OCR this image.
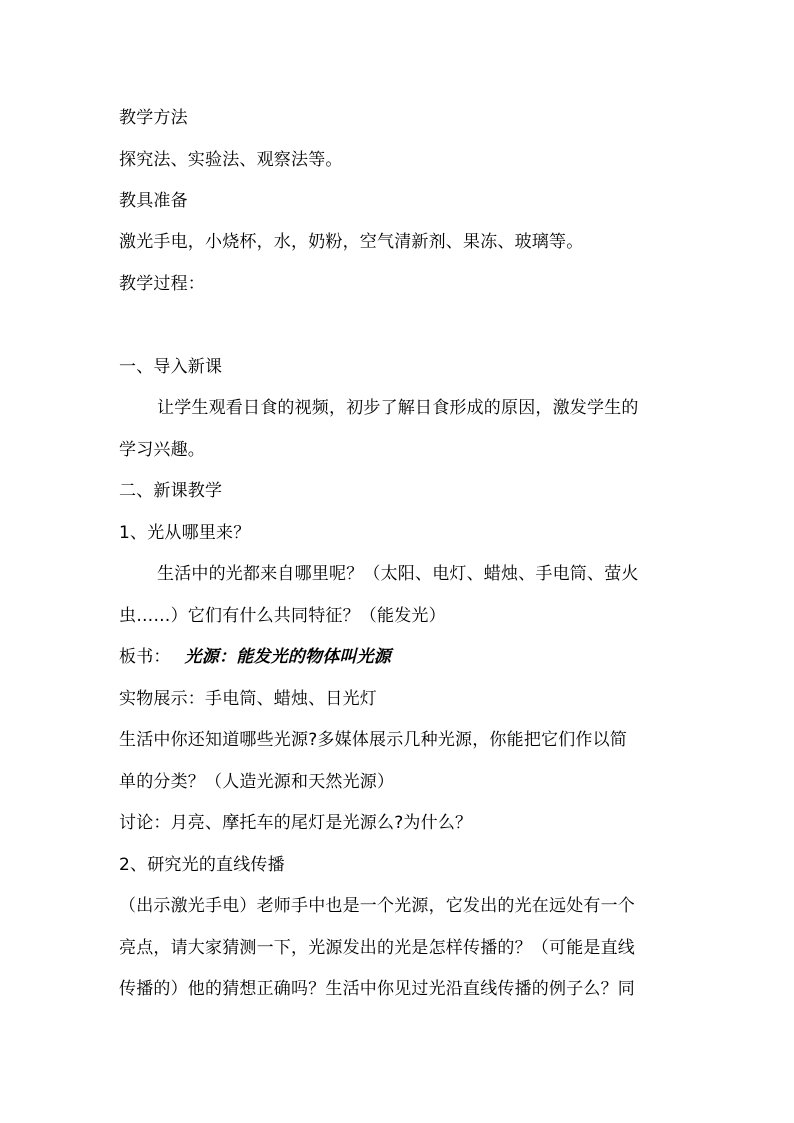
教学方法
探究法、实验法、观察法等。
教具准备
激光手电，小烧杯，水，奶粉，空气清新剂、果冻、玻璃等。
教学过程：
一、导入新课
让学生观看日食的视频，初步了解日食形成的原因，激发学生的
学习兴趣。
二、新课教学
1、光从哪里来？
生活中的光都来自哪里呢？（太阳、电灯、蜡烛、手电筒、萤火
虫……）它们有什么共同特征？（能发光）
板书： 光源：能发光的物体叫光源
实物展示：手电筒、蜡烛、日光灯
生活中你还知道哪些光源?多媒体展示几种光源，你能把它们作以简
单的分类？（人造光源和天然光源）
讨论：月亮、摩托车的尾灯是光源么?为什么？
2、研究光的直线传播
（出示激光手电）老师手中也是一个光源，它发出的光在远处有一个
亮点，请大家猜测一下，光源发出的光是怎样传播的？（可能是直线
传播的）他的猜想正确吗？生活中你见过光沿直线传播的例子么？同
